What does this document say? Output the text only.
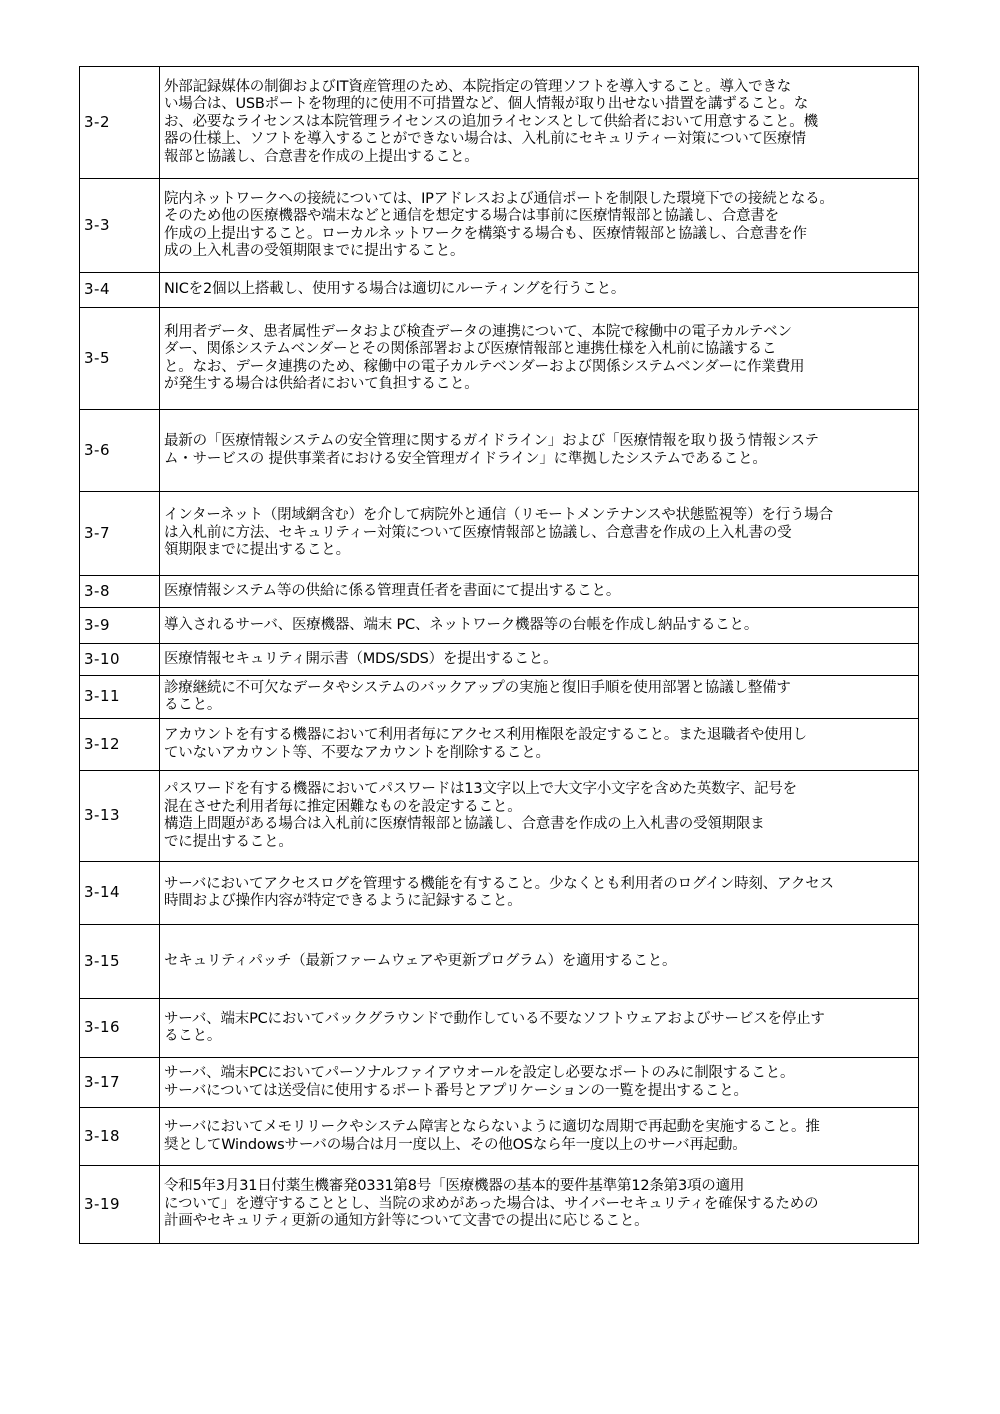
3-2	外部記録媒体の制御およびIT資産管理のため、本院指定の管理ソフトを導入すること。導入できな
い場合は、USBポートを物理的に使用不可措置など、個人情報が取り出せない措置を講ずること。な
お、必要なライセンスは本院管理ライセンスの追加ライセンスとして供給者において用意すること。機
器の仕様上、ソフトを導入することができない場合は、入札前にセキュリティー対策について医療情
報部と協議し、合意書を作成の上提出すること。

3-3	院内ネットワークへの接続については、IPアドレスおよび通信ポートを制限した環境下での接続となる。
そのため他の医療機器や端末などと通信を想定する場合は事前に医療情報部と協議し、合意書を
作成の上提出すること。ローカルネットワークを構築する場合も、医療情報部と協議し、合意書を作
成の上入札書の受領期限までに提出すること。

3-4	NICを2個以上搭載し、使用する場合は適切にルーティングを行うこと。

3-5	利用者データ、患者属性データおよび検査データの連携について、本院で稼働中の電子カルテベン
ダー、関係システムベンダーとその関係部署および医療情報部と連携仕様を入札前に協議するこ
と。なお、データ連携のため、稼働中の電子カルテベンダーおよび関係システムベンダーに作業費用
が発生する場合は供給者において負担すること。

3-6	最新の「医療情報システムの安全管理に関するガイドライン」および「医療情報を取り扱う情報システ
ム・サービスの 提供事業者における安全管理ガイドライン」に準拠したシステムであること。

3-7	インターネット（閉域網含む）を介して病院外と通信（リモートメンテナンスや状態監視等）を行う場合
は入札前に方法、セキュリティー対策について医療情報部と協議し、合意書を作成の上入札書の受
領期限までに提出すること。

3-8	医療情報システム等の供給に係る管理責任者を書面にて提出すること。

3-9	導入されるサーバ、医療機器、端末 PC、ネットワーク機器等の台帳を作成し納品すること。

3-10	医療情報セキュリティ開示書（MDS/SDS）を提出すること。

3-11	診療継続に不可欠なデータやシステムのバックアップの実施と復旧手順を使用部署と協議し整備す
ること。

3-12	アカウントを有する機器において利用者毎にアクセス利用権限を設定すること。また退職者や使用し
ていないアカウント等、不要なアカウントを削除すること。

3-13	パスワードを有する機器においてパスワードは13文字以上で大文字小文字を含めた英数字、記号を
混在させた利用者毎に推定困難なものを設定すること。
構造上問題がある場合は入札前に医療情報部と協議し、合意書を作成の上入札書の受領期限ま
でに提出すること。

3-14	サーバにおいてアクセスログを管理する機能を有すること。少なくとも利用者のログイン時刻、アクセス
時間および操作内容が特定できるように記録すること。

3-15	セキュリティパッチ（最新ファームウェアや更新プログラム）を適用すること。

3-16	サーバ、端末PCにおいてバックグラウンドで動作している不要なソフトウェアおよびサービスを停止す
ること。

3-17	サーバ、端末PCにおいてパーソナルファイアウオールを設定し必要なポートのみに制限すること。
サーバについては送受信に使用するポート番号とアプリケーションの一覧を提出すること。

3-18	サーバにおいてメモリリークやシステム障害とならないように適切な周期で再起動を実施すること。推
奨としてWindowsサーバの場合は月一度以上、その他OSなら年一度以上のサーバ再起動。

3-19	令和5年3月31日付薬生機審発0331第8号「医療機器の基本的要件基準第12条第3項の適用
について」を遵守することとし、当院の求めがあった場合は、サイバーセキュリティを確保するための
計画やセキュリティ更新の通知方針等について文書での提出に応じること。
